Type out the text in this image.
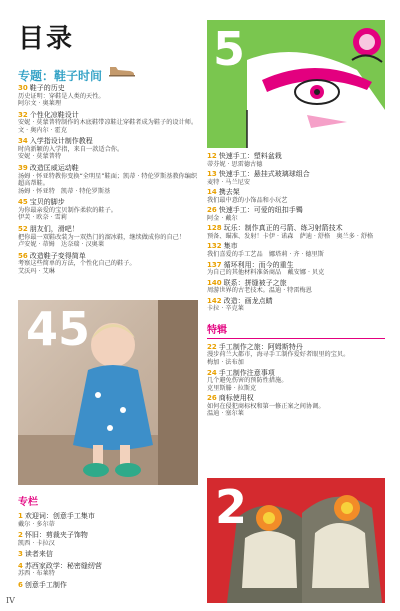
目录
专题：鞋子时间
30 鞋子的历史
历史证明：穿鞋是人类的天性。
阿尔文 · 奥莱理
32 个性化凉鞋设计
安妮 · 莫蒙普特制作的木底鞋带凉鞋让穿鞋者成为鞋子的设计师。
文 · 奥内尔 · 霍克
34 入学指设计制作教程
时尚新颖的入学指，来自一款适合你。
安妮 · 莫蒙普特
39 改造匡威运动鞋
汤姆 · 怀亚特教你变换“全明星”鞋面；凯蒂 · 特伦罗斯基教你编织超高帮鞋。
汤姆 · 怀亚特　凯蒂 · 特伦罗斯基
45 宝贝的脚步
为你最亲爱的宝贝制作柔软的鞋子。
伊芙 · 欧奈 · 雪莉
52 朋友们，滑吧！
把你最一双鞋改装为一双热门的溜冰鞋，继续做成你的自己！
卢安妮 · 蒂姆　达奈瑞 · 汉奥莱
56 改造鞋子变得简单
考察这些简单的方法，个性化自己的鞋子。
艾沃玛 · 艾琳
45
专栏
1 欢迎词：创意手工集市
戴尔 · 多尔蒂
2 怀旧：剪裁夹子饰物
凯西 · 卡拉汉
3 读者来信
4 苏西家政学：秘密缝纫营
苏西 · 布莱特
6 创意手工制作
IV
5
12 快速手工：塑料盆栽
蒂芬妮 · 思雷德古德
13 快速手工：悬挂式玻璃球组合
麦特 · 马兰尼安
14 携去架
我们最中意的小饰品和小玩艺
26 快速手工：可爱的纽扣手镯
阿金 · 戴尔
128 玩乐：制作真正的弓箭、练习射箭技术
预备、瞄准、发射！卡伊 · 诺森　萨迪 · 舒格　奥兰多 · 舒格
132 集市
我们喜爱的手工艺品　娜塔莉 · 齐 · 德里斯
137 循环利用：而今的重生
为自己的其他材料准备商品　戴安娜 · 贝克
140 联系：拼缝被子之旅
周游世界的古老技术。温迪 · 特雷梅恩
142 改造：画龙点睛
卡拉 · 辛克莱
特辑
22 手工制作之旅：阿姆斯特丹
漫步荷兰大都市，海寻手工制作爱好者眼里的宝贝。
梅加 · 法布加
24 手工制作注意事项
几个避免伤害的预防性措施。
克里斯滕 · 拉斯克
26 商标使用权
如何在侵犯商标权和第一修正案之间协调。
温迪 · 塞尔莱
2
